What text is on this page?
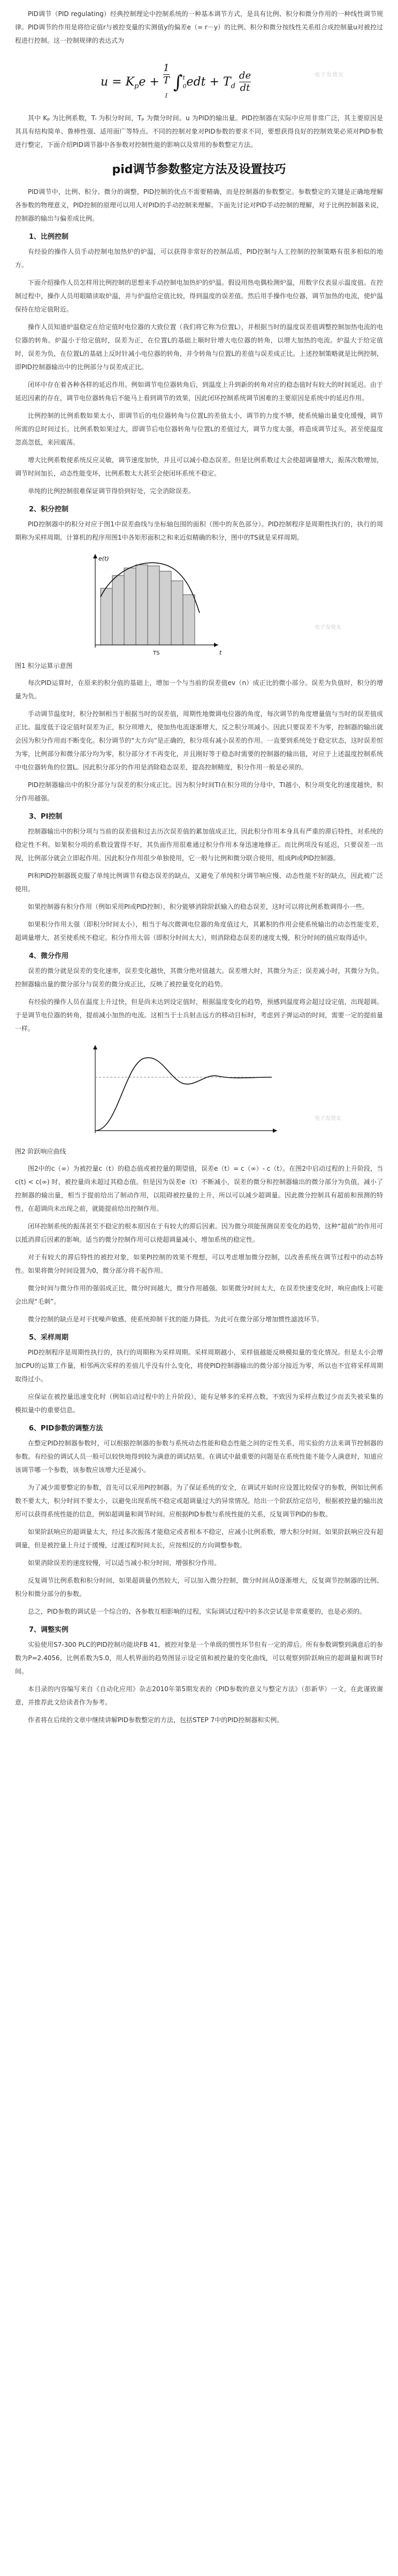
PID调节（PID regulating）经典控制理论中控制系统的一种基本调节方式，是具有比例、积分和微分作用的一种线性调节规律。PID调节的作用是将给定值r与被控变量的实测值y的偏差e（= r－y）的比例、积分和微分按线性关系组合成控制量u对被控过程进行控制。这一控制规律的表达式为

$u = K_pe + 1$
T
$_I$ ∫ t
0 edt + $T_d \frac{de}{dt}$	电子发烧友

其中 Kₚ 为比例系数，Tᵢ 为积分时间，Tₚ 为微分时间。u 为PID的输出量。PID控制器在实际中应用非常广泛，其主要原因是其具有结构简单、鲁棒性强、适用面广等特点。不同的控制对象对PID参数的要求不同，要想获得良好的控制效果必须对PID参数进行整定，下面介绍PID调节器中各参数对控制性能的影响以及常用的参数整定方法。

pid调节参数整定方法及设置技巧

PID调节中，比例、积分、微分的调整，PID控制的优点不需要精确，而是控制器的参数整定。参数整定的关键是正确地理解各参数的物理意义，PID控制的原理可以用人对PID的手动控制来理解。下面先讨论对PID手动控制的理解，对于比例控制器来说，控制器的输出与偏差成比例。

1、比例控制

有经验的操作人员手动控制电加热炉的炉温，可以获得非常好的控制品质，PID控制与人工控制的控制策略有很多相似的地方。

下面介绍操作人员怎样用比例控制的思想来手动控制电加热炉的炉温。假设用热电偶检测炉温，用数字仪表显示温度值。在控制过程中，操作人员用眼睛读取炉温，并与炉温给定值比较，得到温度的误差值。然后用手操作电位器，调节加热的电流，使炉温保持在给定值附近。

操作人员知道炉温稳定在给定值时电位器的大致位置（我们将它称为位置L），并根据当时的温度误差值调整控制加热电流的电位器的转角。炉温小于给定值时，误差为正，在位置L的基础上顺时针增大电位器的转角，以增大加热的电流。炉温大于给定值时，误差为负，在位置L的基础上反时针减小电位器的转角，并令转角与位置L的差值与误差成正比。上述控制策略就是比例控制，即PID控制器输出中的比例部分与误差成正比。

闭环中存在着各种各样的延迟作用。例如调节电位器转角后，到温度上升到新的转角对应的稳态值时有较大的时间延迟。由于延迟因素的存在，调节电位器转角后不能马上看到调节的效果，因此闭环控制系统调节困难的主要原因是系统中的延迟作用。

比例控制的比例系数如果太小，即调节后的电位器转角与位置L的差值太小，调节的力度不够，使系统输出量变化缓慢，调节所需的总时间过长。比例系数如果过大，即调节后电位器转角与位置L的差值过大，调节力度太强，将造成调节过头，甚至使温度忽高忽低，来回震荡。

增大比例系数使系统反应灵敏，调节速度加快，并且可以减小稳态误差。但是比例系数过大会使超调量增大，振荡次数增加，调节时间加长，动态性能变坏，比例系数太大甚至会使闭环系统不稳定。

单纯的比例控制很难保证调节得恰到好处，完全消除误差。

2、积分控制

PID控制器中的积分对应于图1中误差曲线与坐标轴包围的面积（图中的灰色部分）。PID控制程序是周期性执行的，执行的周期称为采样周期。计算机的程序用图1中各矩形面积之和来近似精确的积分，图中的TS就是采样周期。

e(t)
t
TS
电子发烧友
图1 积分运算示意图

每次PID运算时，在原来的积分值的基础上，增加一个与当前的误差值ev（n）成正比的微小部分。误差为负值时，积分的增量为负。

手动调节温度时，积分控制相当于根据当时的误差值，周期性地微调电位器的角度，每次调节的角度增量值与当时的误差值成正比。温度低于设定值时误差为正，积分项增大，使加热电流逐渐增大，反之积分项减小。因此只要误差不为零，控制器的输出就会因为积分作用而不断变化。积分调节的“大方向”是正确的，积分项有减小误差的作用。一直要到系统处于稳定状态，这时误差恒为零，比例部分和微分部分均为零，积分部分才不再变化，并且刚好等于稳态时需要的控制器的输出值，对应于上述温度控制系统中电位器转角的位置L。因此积分部分的作用是消除稳态误差，提高控制精度，积分作用一般是必须的。

PID控制器输出中的积分部分与误差的积分成正比。因为积分时间TI在积分项的分母中，TI越小，积分项变化的速度越快，积分作用越强。

3、PI控制

控制器输出中的积分项与当前的误差值和过去历次误差值的累加值成正比，因此积分作用本身具有严重的滞后特性，对系统的稳定性不利。如果积分项的系数设置得不好，其负面作用很难通过积分作用本身迅速地修正。而比例项没有延迟，只要误差一出现，比例部分就会立即起作用。因此积分作用很少单独使用，它一般与比例和微分联合使用，组成PI或PID控制器。

PI和PID控制器既克服了单纯比例调节有稳态误差的缺点，又避免了单纯积分调节响应慢、动态性能不好的缺点，因此被广泛使用。

如果控制器有积分作用（例如采用PI或PID控制），积分能够消除阶跃输入的稳态误差，这时可以将比例系数调得小一些。

如果积分作用太强（即积分时间太小），相当于每次微调电位器的角度值过大，其累积的作用会使系统输出的动态性能变差，超调量增大，甚至使系统不稳定。积分作用太弱（即积分时间太大），则消除稳态误差的速度太慢，积分时间的值应取得适中。

4、微分作用

误差的微分就是误差的变化速率，误差变化越快，其微分绝对值越大。误差增大时，其微分为正；误差减小时，其微分为负。控制器输出量的微分部分与误差的微分成正比，反映了被控量变化的趋势。

有经验的操作人员在温度上升过快，但是尚未达到设定值时，根据温度变化的趋势，预感到温度将会超过设定值，出现超调。于是调节电位器的转角，提前减小加热的电流。这相当于士兵射击远方的移动目标时，考虑到子弹运动的时间，需要一定的提前量一样。

电子发烧友
图2 阶跃响应曲线

图2中的c（∞）为被控量c（t）的稳态值或被控量的期望值，误差e（t）= c（∞）- c（t）。在图2中启动过程的上升阶段，当 c(t) < c(∞) 时，被控量尚未超过其稳态值。但是因为误差e（t）不断减小，误差的微分和控制器输出的微分部分为负值，减小了控制器的输出量，相当于提前给出了制动作用，以阻碍被控量的上升，所以可以减少超调量。因此微分控制具有超前和预测的特性，在超调尚未出现之前，就能提前给出控制作用。

闭环控制系统的振荡甚至不稳定的根本原因在于有较大的滞后因素。因为微分项能预测误差变化的趋势，这种“超前”的作用可以抵消滞后因素的影响。适当的微分控制作用可以使超调量减小，增加系统的稳定性。

对于有较大的滞后特性的被控对象，如果PI控制的效果不理想，可以考虑增加微分控制，以改善系统在调节过程中的动态特性。如果将微分时间设置为0，微分部分将不起作用。

微分时间与微分作用的强弱成正比，微分时间越大，微分作用越强。如果微分时间太大，在误差快速变化时，响应曲线上可能会出现“毛刺”。

微分控制的缺点是对干扰噪声敏感，使系统抑制干扰的能力降低。为此可在微分部分增加惯性滤波环节。

5、采样周期

PID控制程序是周期性执行的，执行的周期称为采样周期。采样周期越小，采样值越能反映模拟量的变化情况。但是太小会增加CPU的运算工作量，相邻两次采样的差值几乎没有什么变化，将使PID控制器输出的微分部分接近为零，所以也不宜将采样周期取得过小。

应保证在被控量迅速变化时（例如启动过程中的上升阶段），能有足够多的采样点数，不致因为采样点数过少而丢失被采集的模拟量中的重要信息。

6、PID参数的调整方法

在整定PID控制器参数时，可以根据控制器的参数与系统动态性能和稳态性能之间的定性关系，用实验的方法来调节控制器的参数。有经验的调试人员一般可以较快地得到较为满意的调试结果。在调试中最重要的问题是在系统性能不能令人满意时，知道应该调节哪一个参数，该参数应该增大还是减小。

为了减少需要整定的参数，首先可以采用PI控制器。为了保证系统的安全，在调试开始时应设置比较保守的参数，例如比例系数不要太大，积分时间不要太小，以避免出现系统不稳定或超调量过大的异常情况。给出一个阶跃给定信号，根据被控量的输出波形可以获得系统性能的信息，例如超调量和调节时间。应根据PID参数与系统性能的关系，反复调节PID的参数。

如果阶跃响应的超调量太大，经过多次振荡才能稳定或者根本不稳定，应减小比例系数、增大积分时间。如果阶跃响应没有超调量，但是被控量上升过于缓慢，过渡过程时间太长，应按相反的方向调整参数。

如果消除误差的速度较慢，可以适当减小积分时间，增强积分作用。

反复调节比例系数和积分时间，如果超调量仍然较大，可以加入微分控制，微分时间从0逐渐增大，反复调节控制器的比例、积分和微分部分的参数。

总之，PID参数的调试是一个综合的、各参数互相影响的过程，实际调试过程中的多次尝试是非常重要的，也是必须的。

7、调整实例

实验使用S7-300 PLC的PID控制功能块FB 41，被控对象是一个单级的惯性环节但有一定的滞后。所有参数调整到满意后的参数为P=2.4056，比例系数为5.0，用人机界面的趋势图显示设定值和被控量的变化曲线，可以观察到阶跃响应的超调量和调节时间。

本目录的内容编写来自《自动化应用》杂志2010年第5期发表的《PID参数的意义与整定方法》（彭新华）一文，在此谨致谢意，并推荐此文给读者作为参考。

作者将在后续的文章中继续讲解PID参数整定的方法，包括STEP 7中的PID控制器和实例。
